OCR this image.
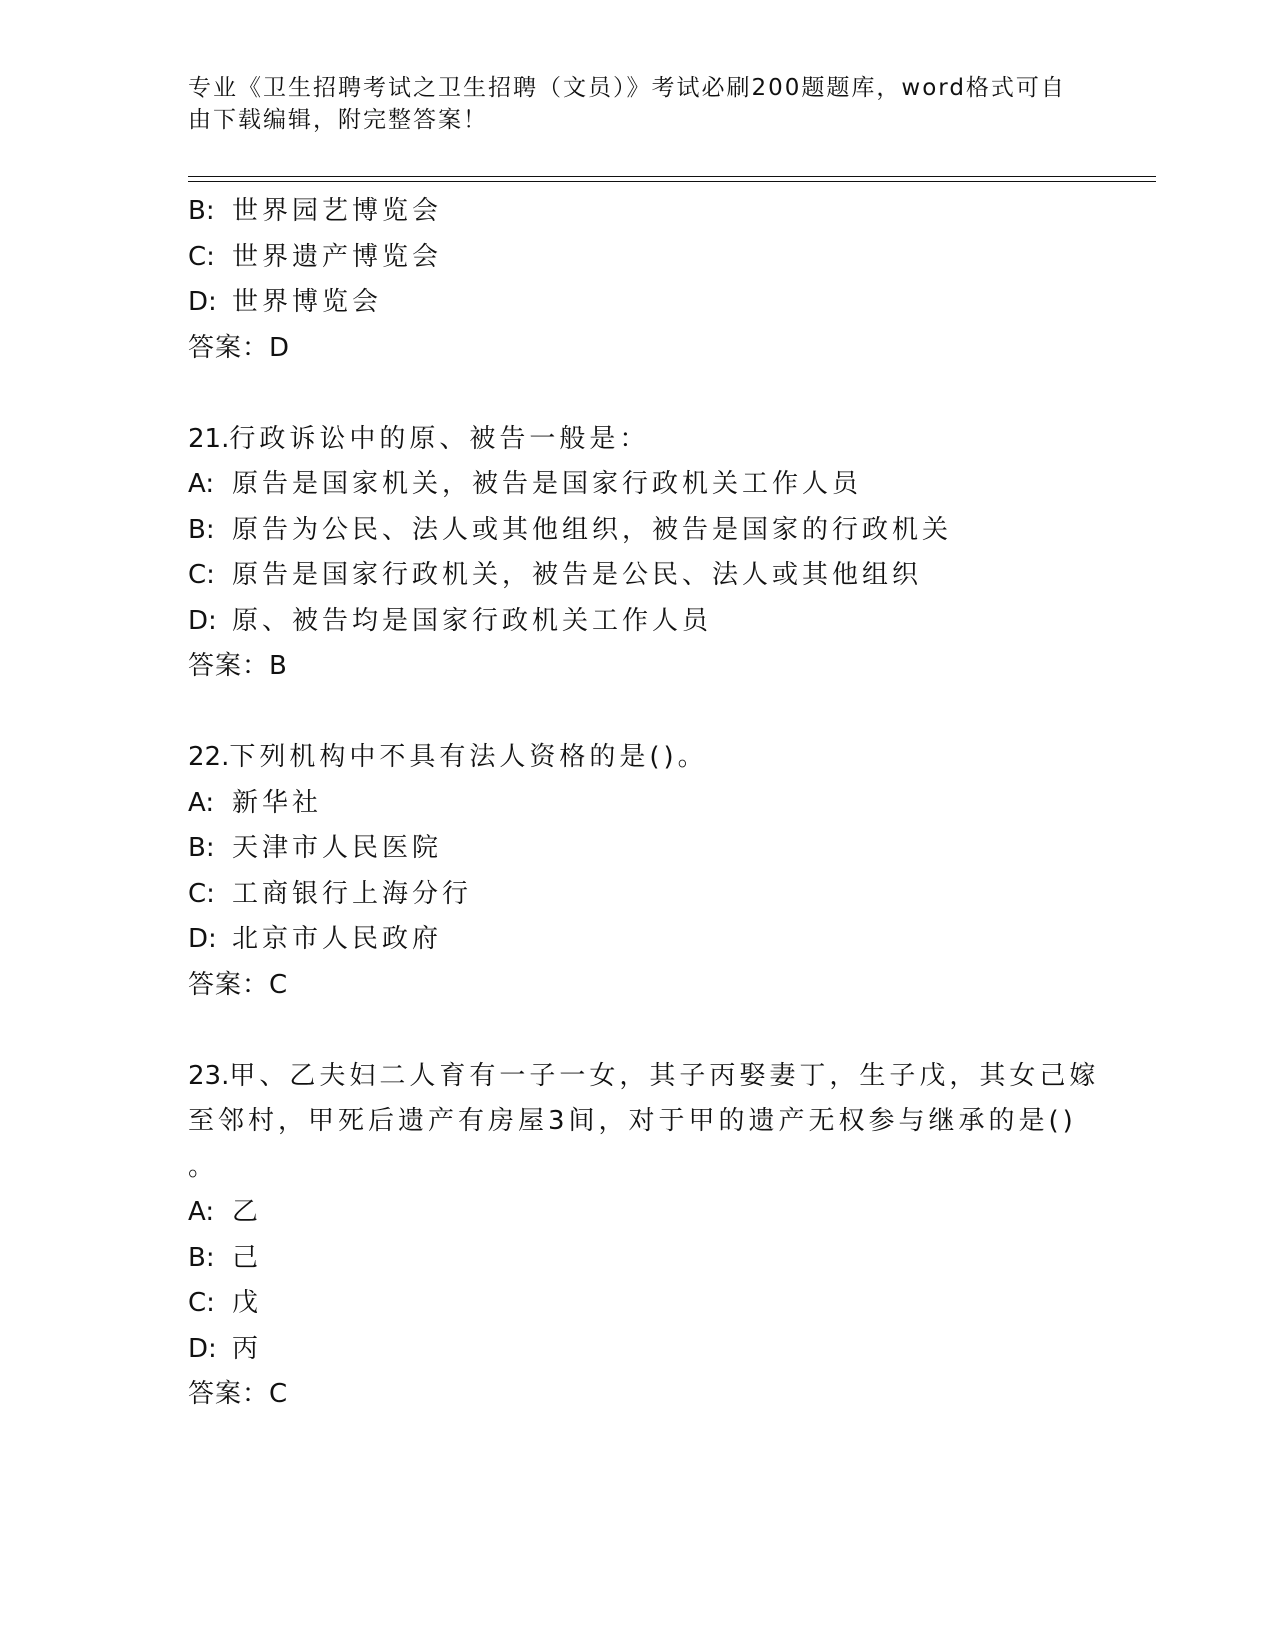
专业《卫生招聘考试之卫生招聘（文员）》考试必刷200题题库，word格式可自由下载编辑，附完整答案！
B: 世界园艺博览会
C: 世界遗产博览会
D: 世界博览会
答案：D
21.行政诉讼中的原、被告一般是：
A: 原告是国家机关，被告是国家行政机关工作人员
B: 原告为公民、法人或其他组织，被告是国家的行政机关
C: 原告是国家行政机关，被告是公民、法人或其他组织
D: 原、被告均是国家行政机关工作人员
答案：B
22.下列机构中不具有法人资格的是()。
A: 新华社
B: 天津市人民医院
C: 工商银行上海分行
D: 北京市人民政府
答案：C
23.甲、乙夫妇二人育有一子一女，其子丙娶妻丁，生子戊，其女己嫁
至邻村，甲死后遗产有房屋3间，对于甲的遗产无权参与继承的是()
。
A: 乙
B: 己
C: 戊
D: 丙
答案：C
